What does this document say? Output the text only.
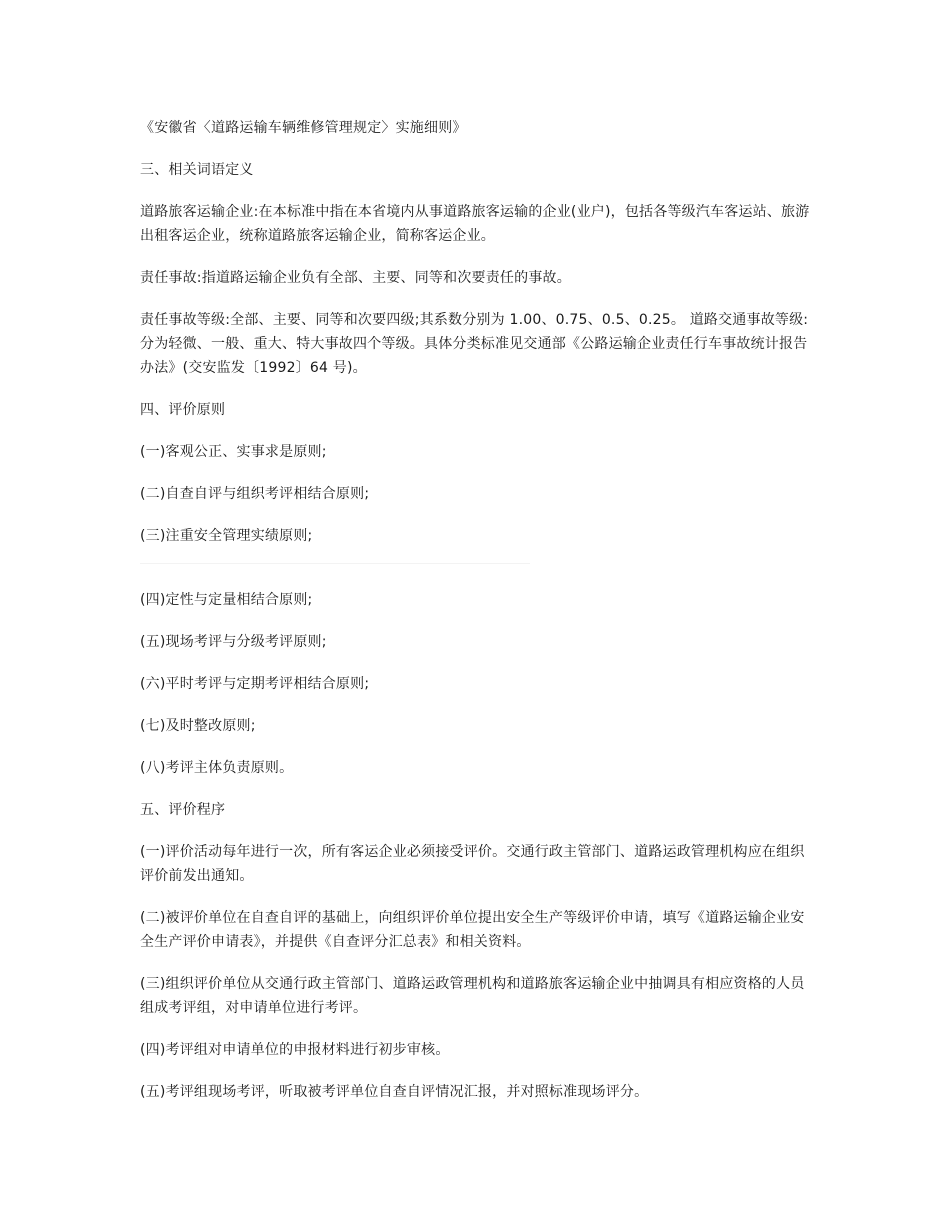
《安徽省〈道路运输车辆维修管理规定〉实施细则》

三、相关词语定义

道路旅客运输企业:在本标准中指在本省境内从事道路旅客运输的企业(业户)，包括各等级汽车客运站、旅游出租客运企业，统称道路旅客运输企业，简称客运企业。

责任事故:指道路运输企业负有全部、主要、同等和次要责任的事故。

责任事故等级:全部、主要、同等和次要四级;其系数分别为 1.00、0.75、0.5、0.25。 道路交通事故等级:分为轻微、一般、重大、特大事故四个等级。具体分类标准见交通部《公路运输企业责任行车事故统计报告办法》(交安监发〔1992〕64 号)。

四、评价原则

(一)客观公正、实事求是原则;

(二)自查自评与组织考评相结合原则;

(三)注重安全管理实绩原则;

(四)定性与定量相结合原则;

(五)现场考评与分级考评原则;

(六)平时考评与定期考评相结合原则;

(七)及时整改原则;

(八)考评主体负责原则。

五、评价程序

(一)评价活动每年进行一次，所有客运企业必须接受评价。交通行政主管部门、道路运政管理机构应在组织评价前发出通知。

(二)被评价单位在自查自评的基础上，向组织评价单位提出安全生产等级评价申请，填写《道路运输企业安全生产评价申请表》，并提供《自查评分汇总表》和相关资料。

(三)组织评价单位从交通行政主管部门、道路运政管理机构和道路旅客运输企业中抽调具有相应资格的人员组成考评组，对申请单位进行考评。

(四)考评组对申请单位的申报材料进行初步审核。

(五)考评组现场考评，听取被考评单位自查自评情况汇报，并对照标准现场评分。
